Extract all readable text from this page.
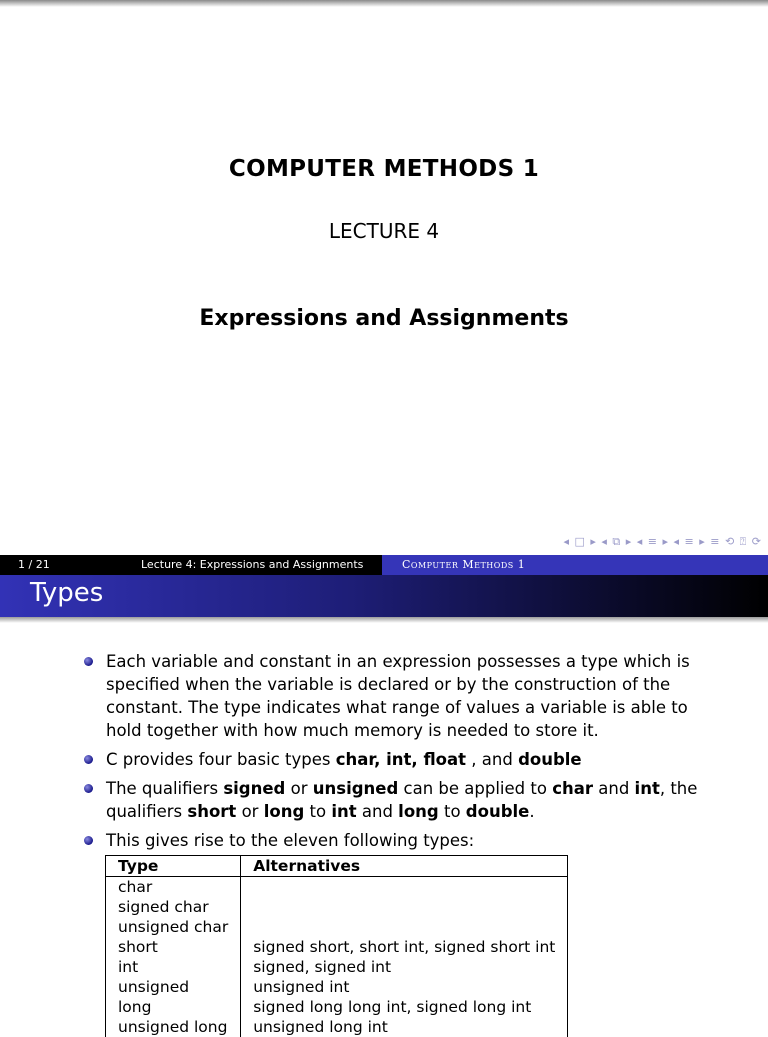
COMPUTER METHODS 1
LECTURE 4
Expressions and Assignments
◂ □ ▸ ◂ ⧉ ▸ ◂ ≡ ▸ ◂ ≡ ▸ ≡ ⟲ ⍰ ⟳
1 / 21	Lecture 4: Expressions and Assignments	Computer Methods 1
Types
Each variable and constant in an expression possesses a type which is specified when the variable is declared or by the construction of the constant. The type indicates what range of values a variable is able to hold together with how much memory is needed to store it.
C provides four basic types char, int, float , and double
The qualifiers signed or unsigned can be applied to char and int, the qualifiers short or long to int and long to double.
This gives rise to the eleven following types:
Type	Alternatives
char	
signed char	
unsigned char	
short	signed short, short int, signed short int
int	signed, signed int
unsigned	unsigned int
long	signed long long int, signed long int
unsigned long	unsigned long int
